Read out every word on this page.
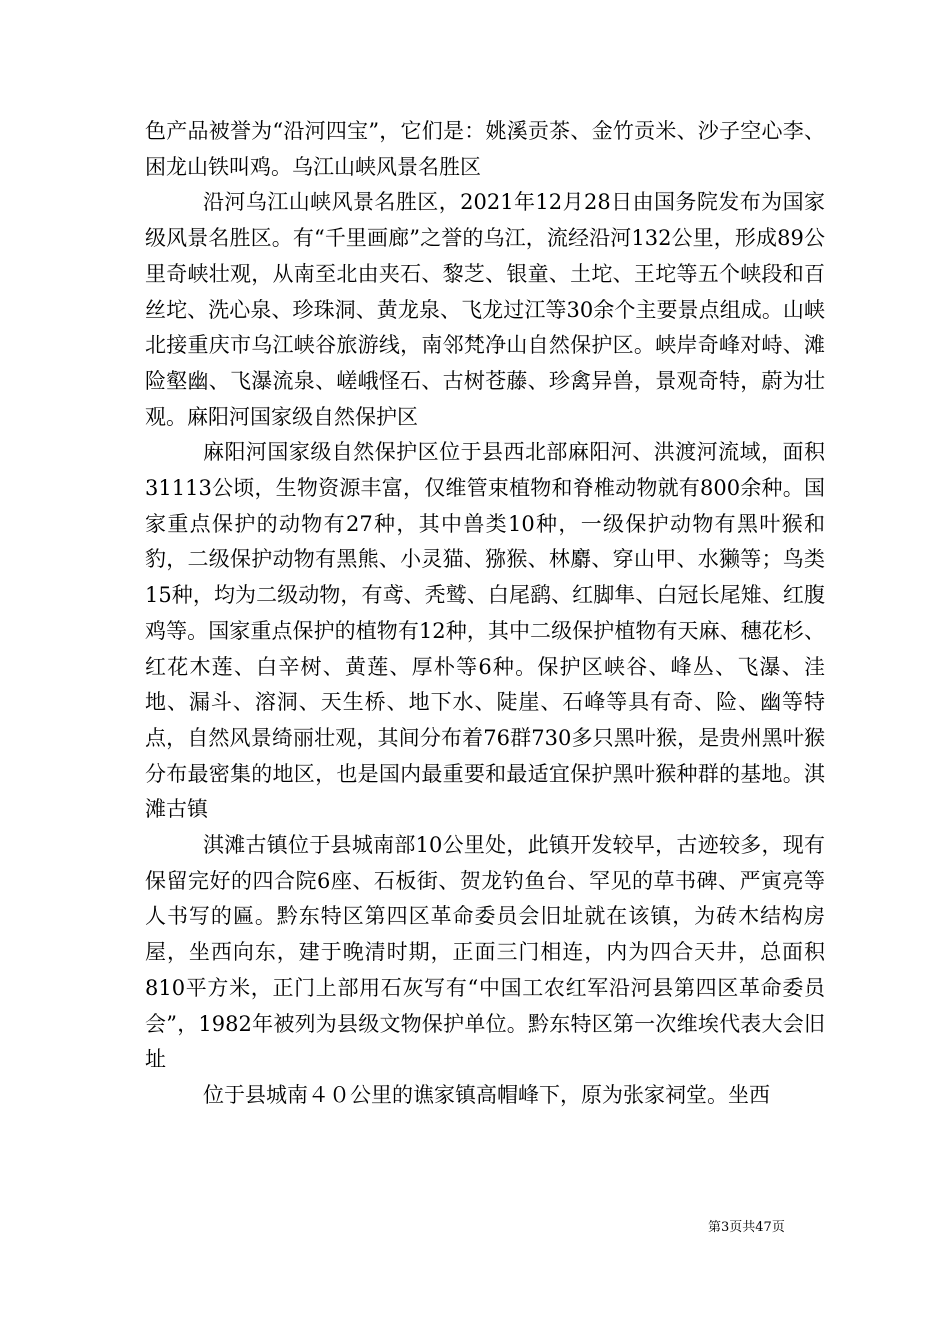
色产品被誉为“沿河四宝”，它们是：姚溪贡茶、金竹贡米、沙子空心李、困龙山铁叫鸡。乌江山峡风景名胜区

沿河乌江山峡风景名胜区，2021年12月28日由国务院发布为国家级风景名胜区。有“千里画廊”之誉的乌江，流经沿河132公里，形成89公里奇峡壮观，从南至北由夹石、黎芝、银童、土坨、王坨等五个峡段和百丝坨、洗心泉、珍珠洞、黄龙泉、飞龙过江等30余个主要景点组成。山峡北接重庆市乌江峡谷旅游线，南邻梵净山自然保护区。峡岸奇峰对峙、滩险壑幽、飞瀑流泉、嵯峨怪石、古树苍藤、珍禽异兽，景观奇特，蔚为壮观。麻阳河国家级自然保护区

麻阳河国家级自然保护区位于县西北部麻阳河、洪渡河流域，面积31113公顷，生物资源丰富，仅维管束植物和脊椎动物就有800余种。国家重点保护的动物有27种，其中兽类10种，一级保护动物有黑叶猴和豹，二级保护动物有黑熊、小灵猫、猕猴、林麝、穿山甲、水獭等；鸟类15种，均为二级动物，有鸢、秃鹫、白尾鹞、红脚隼、白冠长尾雉、红腹鸡等。国家重点保护的植物有12种，其中二级保护植物有天麻、穗花杉、红花木莲、白辛树、黄莲、厚朴等6种。保护区峡谷、峰丛、飞瀑、洼地、漏斗、溶洞、天生桥、地下水、陡崖、石峰等具有奇、险、幽等特点，自然风景绮丽壮观，其间分布着76群730多只黑叶猴，是贵州黑叶猴分布最密集的地区，也是国内最重要和最适宜保护黑叶猴种群的基地。淇滩古镇

淇滩古镇位于县城南部10公里处，此镇开发较早，古迹较多，现有保留完好的四合院6座、石板街、贺龙钓鱼台、罕见的草书碑、严寅亮等人书写的匾。黔东特区第四区革命委员会旧址就在该镇，为砖木结构房屋，坐西向东，建于晚清时期，正面三门相连，内为四合天井，总面积810平方米，正门上部用石灰写有“中国工农红军沿河县第四区革命委员会”，1982年被列为县级文物保护单位。黔东特区第一次维埃代表大会旧址

位于县城南４０公里的谯家镇高帽峰下，原为张家祠堂。坐西

第3页共47页
